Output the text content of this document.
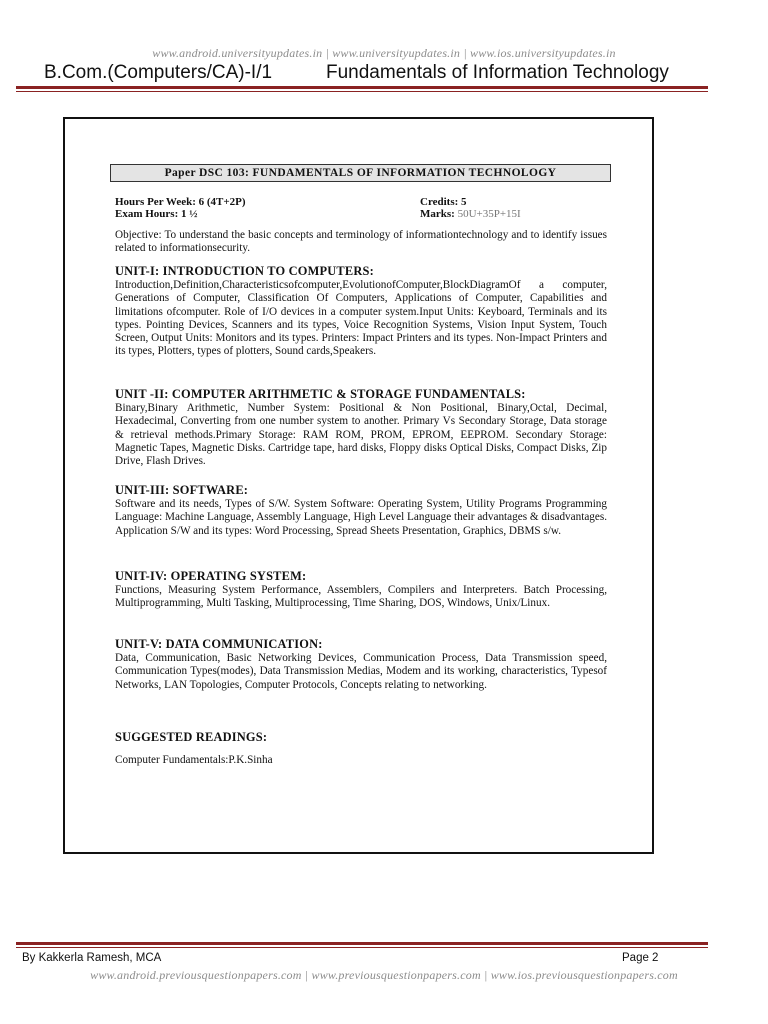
www.android.universityupdates.in | www.universityupdates.in | www.ios.universityupdates.in
B.Com.(Computers/CA)-I/1	Fundamentals of Information Technology
Paper DSC 103: FUNDAMENTALS OF INFORMATION TECHNOLOGY
Hours Per Week: 6 (4T+2P)
Exam Hours: 1 ½
Credits: 5
Marks: 50U+35P+15I

Objective: To understand the basic concepts and terminology of informationtechnology and to identify issues related to informationsecurity.

UNIT-I: INTRODUCTION TO COMPUTERS:

Introduction,Definition,Characteristicsofcomputer,EvolutionofComputer,BlockDiagramOf a computer, Generations of Computer, Classification Of Computers, Applications of Computer, Capabilities and limitations ofcomputer. Role of I/O devices in a computer system.Input Units: Keyboard, Terminals and its types. Pointing Devices, Scanners and its types, Voice Recognition Systems, Vision Input System, Touch Screen, Output Units: Monitors and its types. Printers: Impact Printers and its types. Non-Impact Printers and its types, Plotters, types of plotters, Sound cards,Speakers.

UNIT -II: COMPUTER ARITHMETIC & STORAGE FUNDAMENTALS:

Binary,Binary Arithmetic, Number System: Positional & Non Positional, Binary,Octal, Decimal, Hexadecimal, Converting from one number system to another. Primary Vs Secondary Storage, Data storage & retrieval methods.Primary Storage: RAM ROM, PROM, EPROM, EEPROM. Secondary Storage: Magnetic Tapes, Magnetic Disks. Cartridge tape, hard disks, Floppy disks Optical Disks, Compact Disks, Zip Drive, Flash Drives.

UNIT-III: SOFTWARE:

Software and its needs, Types of S/W. System Software: Operating System, Utility Programs Programming Language: Machine Language, Assembly Language, High Level Language their advantages & disadvantages. Application S/W and its types: Word Processing, Spread Sheets Presentation, Graphics, DBMS s/w.

UNIT-IV: OPERATING SYSTEM:

Functions, Measuring System Performance, Assemblers, Compilers and Interpreters. Batch Processing, Multiprogramming, Multi Tasking, Multiprocessing, Time Sharing, DOS, Windows, Unix/Linux.

UNIT-V: DATA COMMUNICATION:

Data, Communication, Basic Networking Devices, Communication Process, Data Transmission speed, Communication Types(modes), Data Transmission Medias, Modem and its working, characteristics, Typesof Networks, LAN Topologies, Computer Protocols, Concepts relating to networking.

SUGGESTED READINGS:

Computer Fundamentals:P.K.Sinha

By Kakkerla Ramesh, MCA	Page 2
www.android.previousquestionpapers.com | www.previousquestionpapers.com | www.ios.previousquestionpapers.com
